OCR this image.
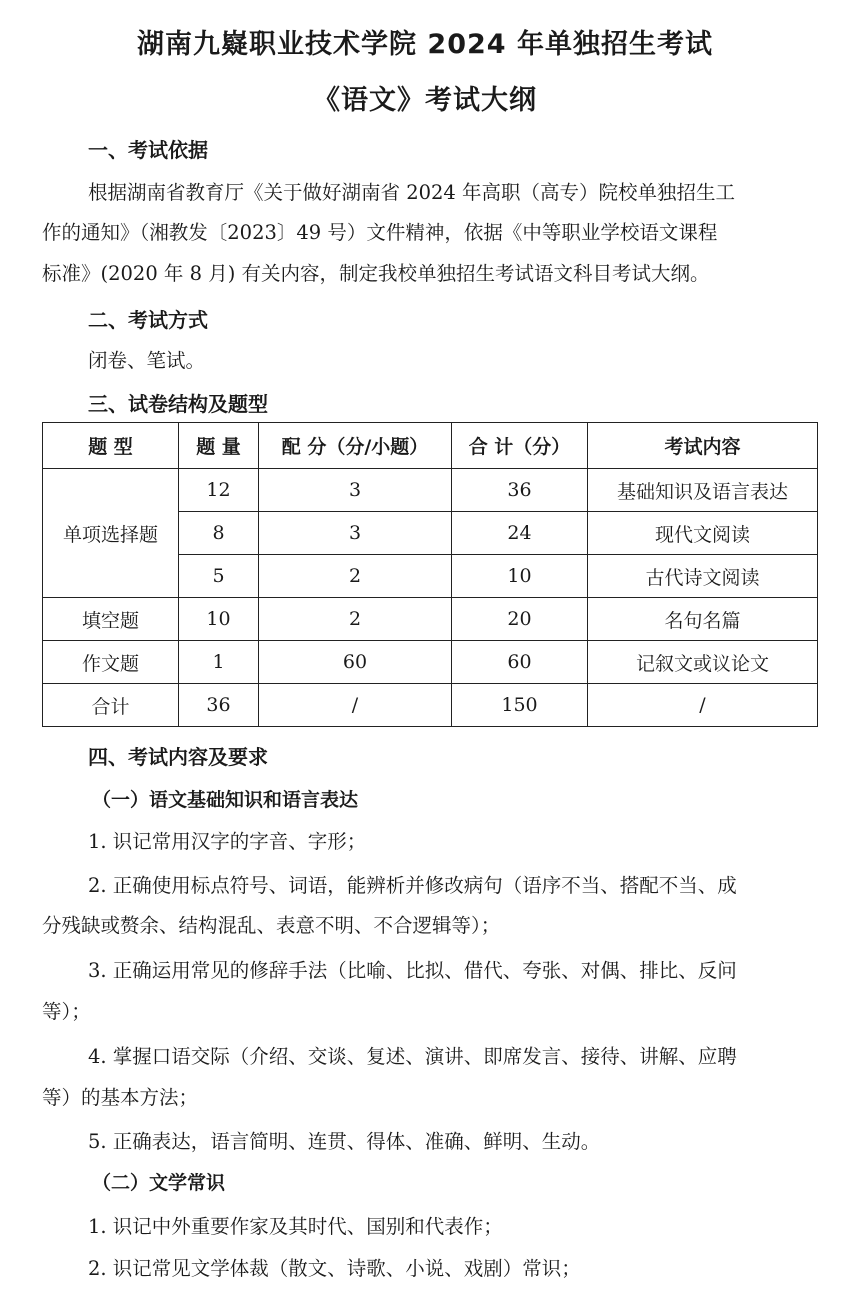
湖南九嶷职业技术学院 2024 年单独招生考试
《语文》考试大纲
一、考试依据
根据湖南省教育厅《关于做好湖南省 2024 年高职（高专）院校单独招生工
作的通知》（湘教发〔2023〕49 号）文件精神，依据《中等职业学校语文课程
标准》(2020 年 8 月) 有关内容，制定我校单独招生考试语文科目考试大纲。
二、考试方式
闭卷、笔试。
三、试卷结构及题型
题 型	题 量	配 分（分/小题）	合 计（分）	考试内容
单项选择题	12	3	36	基础知识及语言表达
	8	3	24	现代文阅读
	5	2	10	古代诗文阅读
填空题	10	2	20	名句名篇
作文题	1	60	60	记叙文或议论文
合计	36	/	150	/
四、考试内容及要求
（一）语文基础知识和语言表达
1. 识记常用汉字的字音、字形；
2. 正确使用标点符号、词语，能辨析并修改病句（语序不当、搭配不当、成
分残缺或赘余、结构混乱、表意不明、不合逻辑等）；
3. 正确运用常见的修辞手法（比喻、比拟、借代、夸张、对偶、排比、反问
等）；
4. 掌握口语交际（介绍、交谈、复述、演讲、即席发言、接待、讲解、应聘
等）的基本方法；
5. 正确表达，语言简明、连贯、得体、准确、鲜明、生动。
（二）文学常识
1. 识记中外重要作家及其时代、国别和代表作；
2. 识记常见文学体裁（散文、诗歌、小说、戏剧）常识；
